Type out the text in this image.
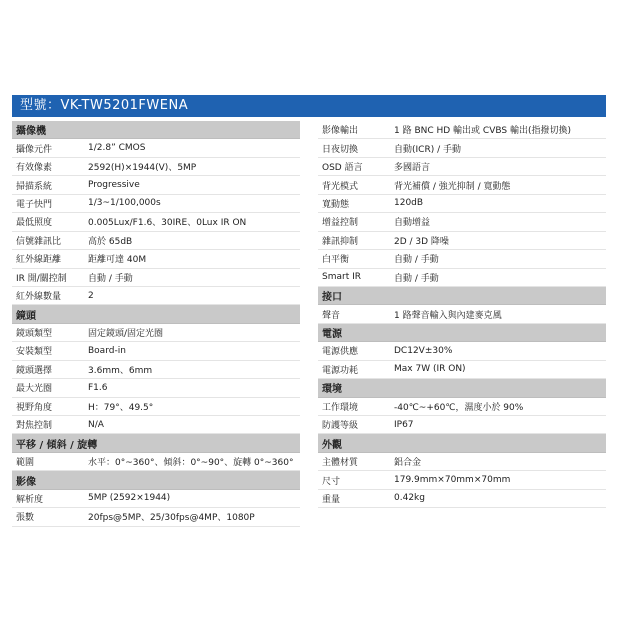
型號：VK-TW5201FWENA
攝像機
攝像元件	1/2.8” CMOS
有效像素	2592(H)×1944(V)、5MP
掃描系統	Progressive
電子快門	1/3~1/100,000s
最低照度	0.005Lux/F1.6、30IRE、0Lux IR ON
信號雜訊比	高於 65dB
紅外線距離	距離可達 40M
IR 開/關控制	自動 / 手動
紅外線數量	2
鏡頭
鏡頭類型	固定鏡頭/固定光圈
安裝類型	Board-in
鏡頭選擇	3.6mm、6mm
最大光圈	F1.6
視野角度	H：79°、49.5°
對焦控制	N/A
平移 / 傾斜 / 旋轉
範圍	水平：0°~360°、傾斜：0°~90°、旋轉 0°~360°
影像
解析度	5MP (2592×1944)
張數	20fps@5MP、25/30fps@4MP、1080P
影像輸出	1 路 BNC HD 輸出或 CVBS 輸出(指撥切換)
日夜切換	自動(ICR) / 手動
OSD 語言	多國語言
背光模式	背光補償 / 強光抑制 / 寬動態
寬動態	120dB
增益控制	自動增益
雜訊抑制	2D / 3D 降噪
白平衡	自動 / 手動
Smart IR	自動 / 手動
接口
聲音	1 路聲音輸入與內建麥克風
電源
電源供應	DC12V±30%
電源功耗	Max 7W (IR ON)
環境
工作環境	-40℃~+60℃，濕度小於 90%
防護等級	IP67
外觀
主體材質	鋁合金
尺寸	179.9mm×70mm×70mm
重量	0.42kg
